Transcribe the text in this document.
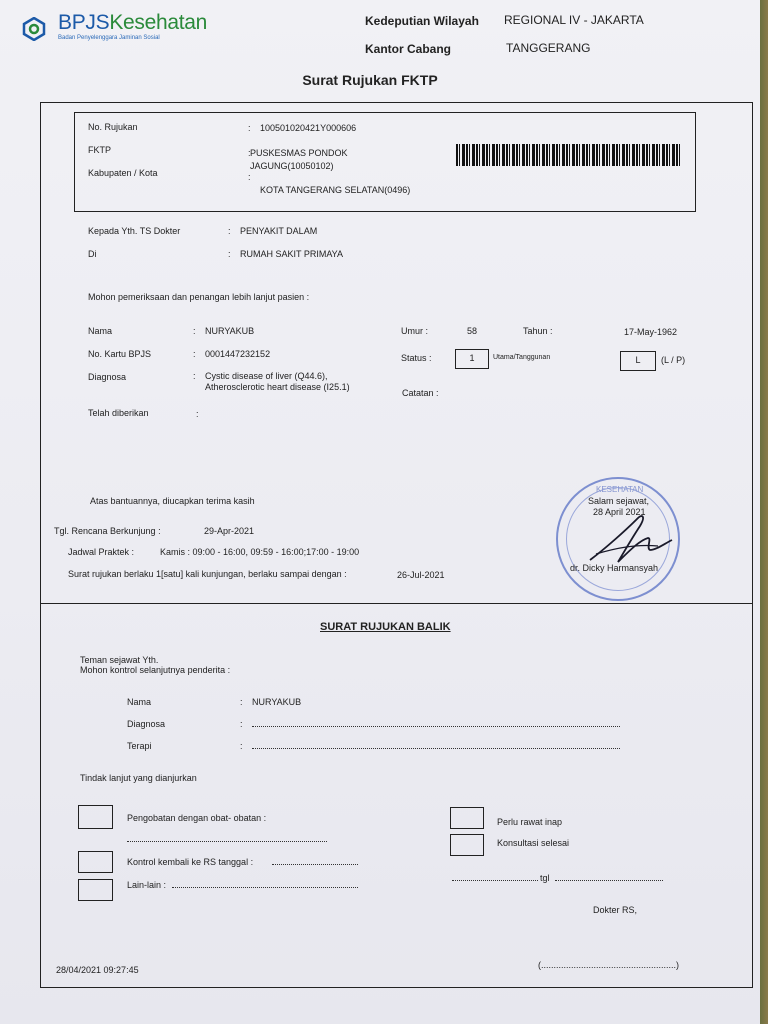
BPJSKesehatan
Badan Penyelenggara Jaminan Sosial
Kedeputian Wilayah REGIONAL IV - JAKARTA
Kantor Cabang	TANGGERANG
Surat Rujukan FKTP
No. Rujukan	: 100501020421Y000606
FKTP	: PUSKESMAS PONDOK
JAGUNG(10050102)
Kabupaten / Kota	:
KOTA TANGERANG SELATAN(0496)
Kepada Yth. TS Dokter	: PENYAKIT DALAM
Di	: RUMAH SAKIT PRIMAYA
Mohon pemeriksaan dan penangan lebih lanjut pasien :
Nama	: NURYAKUB
No. Kartu BPJS	: 0001447232152
Diagnosa	: Cystic disease of liver (Q44.6),
Atherosclerotic heart disease (I25.1)
Telah diberikan	:
Umur :	58	Tahun :	17-May-1962
Status :	1	Utama/Tanggunan	L	(L / P)
Catatan :
Atas bantuannya, diucapkan terima kasih
Tgl. Rencana Berkunjung :	29-Apr-2021
Jadwal Praktek :	Kamis : 09:00 - 16:00, 09:59 - 16:00;17:00 - 19:00
Surat rujukan berlaku 1[satu] kali kunjungan, berlaku sampai dengan :	26-Jul-2021
KESEHATAN
Salam sejawat,
28 April 2021
dr. Dicky Harmansyah
SURAT RUJUKAN BALIK
Teman sejawat Yth.
Mohon kontrol selanjutnya penderita :
Nama	: NURYAKUB
Diagnosa	:
Terapi	:
Tindak lanjut yang dianjurkan
Pengobatan dengan obat- obatan :
Kontrol kembali ke RS tanggal :
Lain-lain :
Perlu rawat inap
Konsultasi selesai
tgl
Dokter RS,
(......................................................)
28/04/2021 09:27:45
